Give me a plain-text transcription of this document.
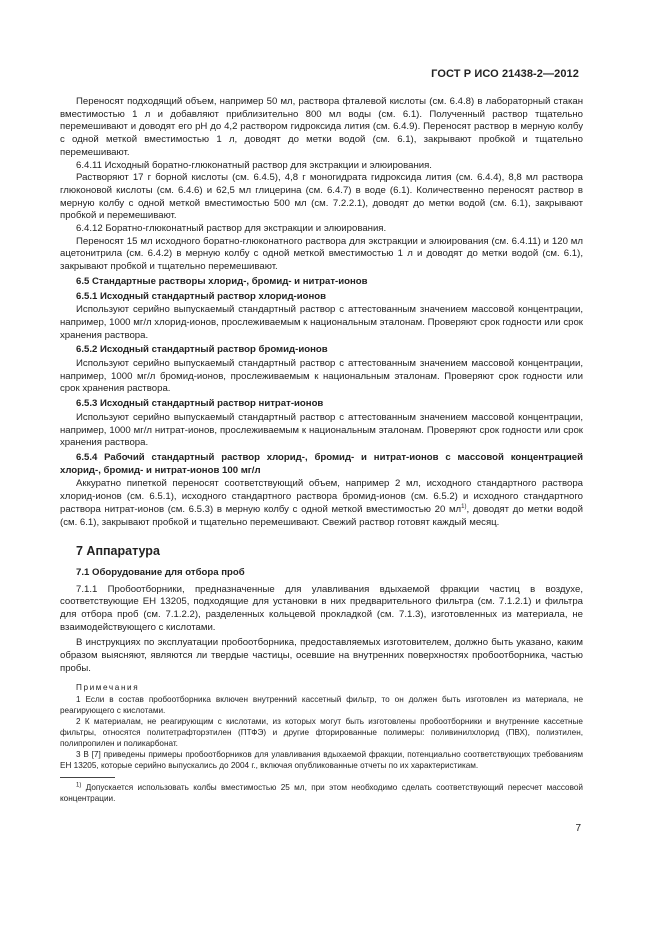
ГОСТ Р ИСО 21438-2—2012

Переносят подходящий объем, например 50 мл, раствора фталевой кислоты (см. 6.4.8) в лабораторный стакан вместимостью 1 л и добавляют приблизительно 800 мл воды (см. 6.1). Полученный раствор тщательно перемешивают и доводят его pH до 4,2 раствором гидроксида лития (см. 6.4.9). Переносят раствор в мерную колбу с одной меткой вместимостью 1 л, доводят до метки водой (см. 6.1), закрывают пробкой и тщательно перемешивают.

6.4.11 Исходный боратно-глюконатный раствор для экстракции и элюирования.

Растворяют 17 г борной кислоты (см. 6.4.5), 4,8 г моногидрата гидроксида лития (см. 6.4.4), 8,8 мл раствора глюконовой кислоты (см. 6.4.6) и 62,5 мл глицерина (см. 6.4.7) в воде (6.1). Количественно переносят раствор в мерную колбу с одной меткой вместимостью 500 мл (см. 7.2.2.1), доводят до метки водой (см. 6.1), закрывают пробкой и перемешивают.

6.4.12 Боратно-глюконатный раствор для экстракции и элюирования.

Переносят 15 мл исходного боратно-глюконатного раствора для экстракции и элюирования (см. 6.4.11) и 120 мл ацетонитрила (см. 6.4.2) в мерную колбу с одной меткой вместимостью 1 л и доводят до метки водой (см. 6.1), закрывают пробкой и тщательно перемешивают.

6.5 Стандартные растворы хлорид-, бромид- и нитрат-ионов

6.5.1 Исходный стандартный раствор хлорид-ионов

Используют серийно выпускаемый стандартный раствор с аттестованным значением массовой концентрации, например, 1000 мг/л хлорид-ионов, прослеживаемым к национальным эталонам. Проверяют срок годности или срок хранения раствора.

6.5.2 Исходный стандартный раствор бромид-ионов

Используют серийно выпускаемый стандартный раствор с аттестованным значением массовой концентрации, например, 1000 мг/л бромид-ионов, прослеживаемым к национальным эталонам. Проверяют срок годности или срок хранения раствора.

6.5.3 Исходный стандартный раствор нитрат-ионов

Используют серийно выпускаемый стандартный раствор с аттестованным значением массовой концентрации, например, 1000 мг/л нитрат-ионов, прослеживаемым к национальным эталонам. Проверяют срок годности или срок хранения раствора.

6.5.4 Рабочий стандартный раствор хлорид-, бромид- и нитрат-ионов с массовой концентрацией хлорид-, бромид- и нитрат-ионов 100 мг/л

Аккуратно пипеткой переносят соответствующий объем, например 2 мл, исходного стандартного раствора хлорид-ионов (см. 6.5.1), исходного стандартного раствора бромид-ионов (см. 6.5.2) и исходного стандартного раствора нитрат-ионов (см. 6.5.3) в мерную колбу с одной меткой вместимостью 20 $мл^{1)}$, доводят до метки водой (см. 6.1), закрывают пробкой и тщательно перемешивают. Свежий раствор готовят каждый месяц.

7 Аппаратура

7.1 Оборудование для отбора проб

7.1.1 Пробоотборники, предназначенные для улавливания вдыхаемой фракции частиц в воздухе, соответствующие ЕН 13205, подходящие для установки в них предварительного фильтра (см. 7.1.2.1) и фильтра для отбора проб (см. 7.1.2.2), разделенных кольцевой прокладкой (см. 7.1.3), изготовленных из материала, не взаимодействующего с кислотами.

В инструкциях по эксплуатации пробоотборника, предоставляемых изготовителем, должно быть указано, каким образом выясняют, являются ли твердые частицы, осевшие на внутренних поверхностях пробоотборника, частью пробы.

Примечания

1 Если в состав пробоотборника включен внутренний кассетный фильтр, то он должен быть изготовлен из материала, не реагирующего с кислотами.

2 К материалам, не реагирующим с кислотами, из которых могут быть изготовлены пробоотборники и внутренние кассетные фильтры, относятся политетрафторэтилен (ПТФЭ) и другие фторированные полимеры: поливинилхлорид (ПВХ), полиэтилен, полипропилен и поликарбонат.

3 В [7] приведены примеры пробоотборников для улавливания вдыхаемой фракции, потенциально соответствующих требованиям ЕН 13205, которые серийно выпускались до 2004 г., включая опубликованные отчеты по их характеристикам.

$^{1)}$ Допускается использовать колбы вместимостью 25 мл, при этом необходимо сделать соответствующий пересчет массовой концентрации.

7
